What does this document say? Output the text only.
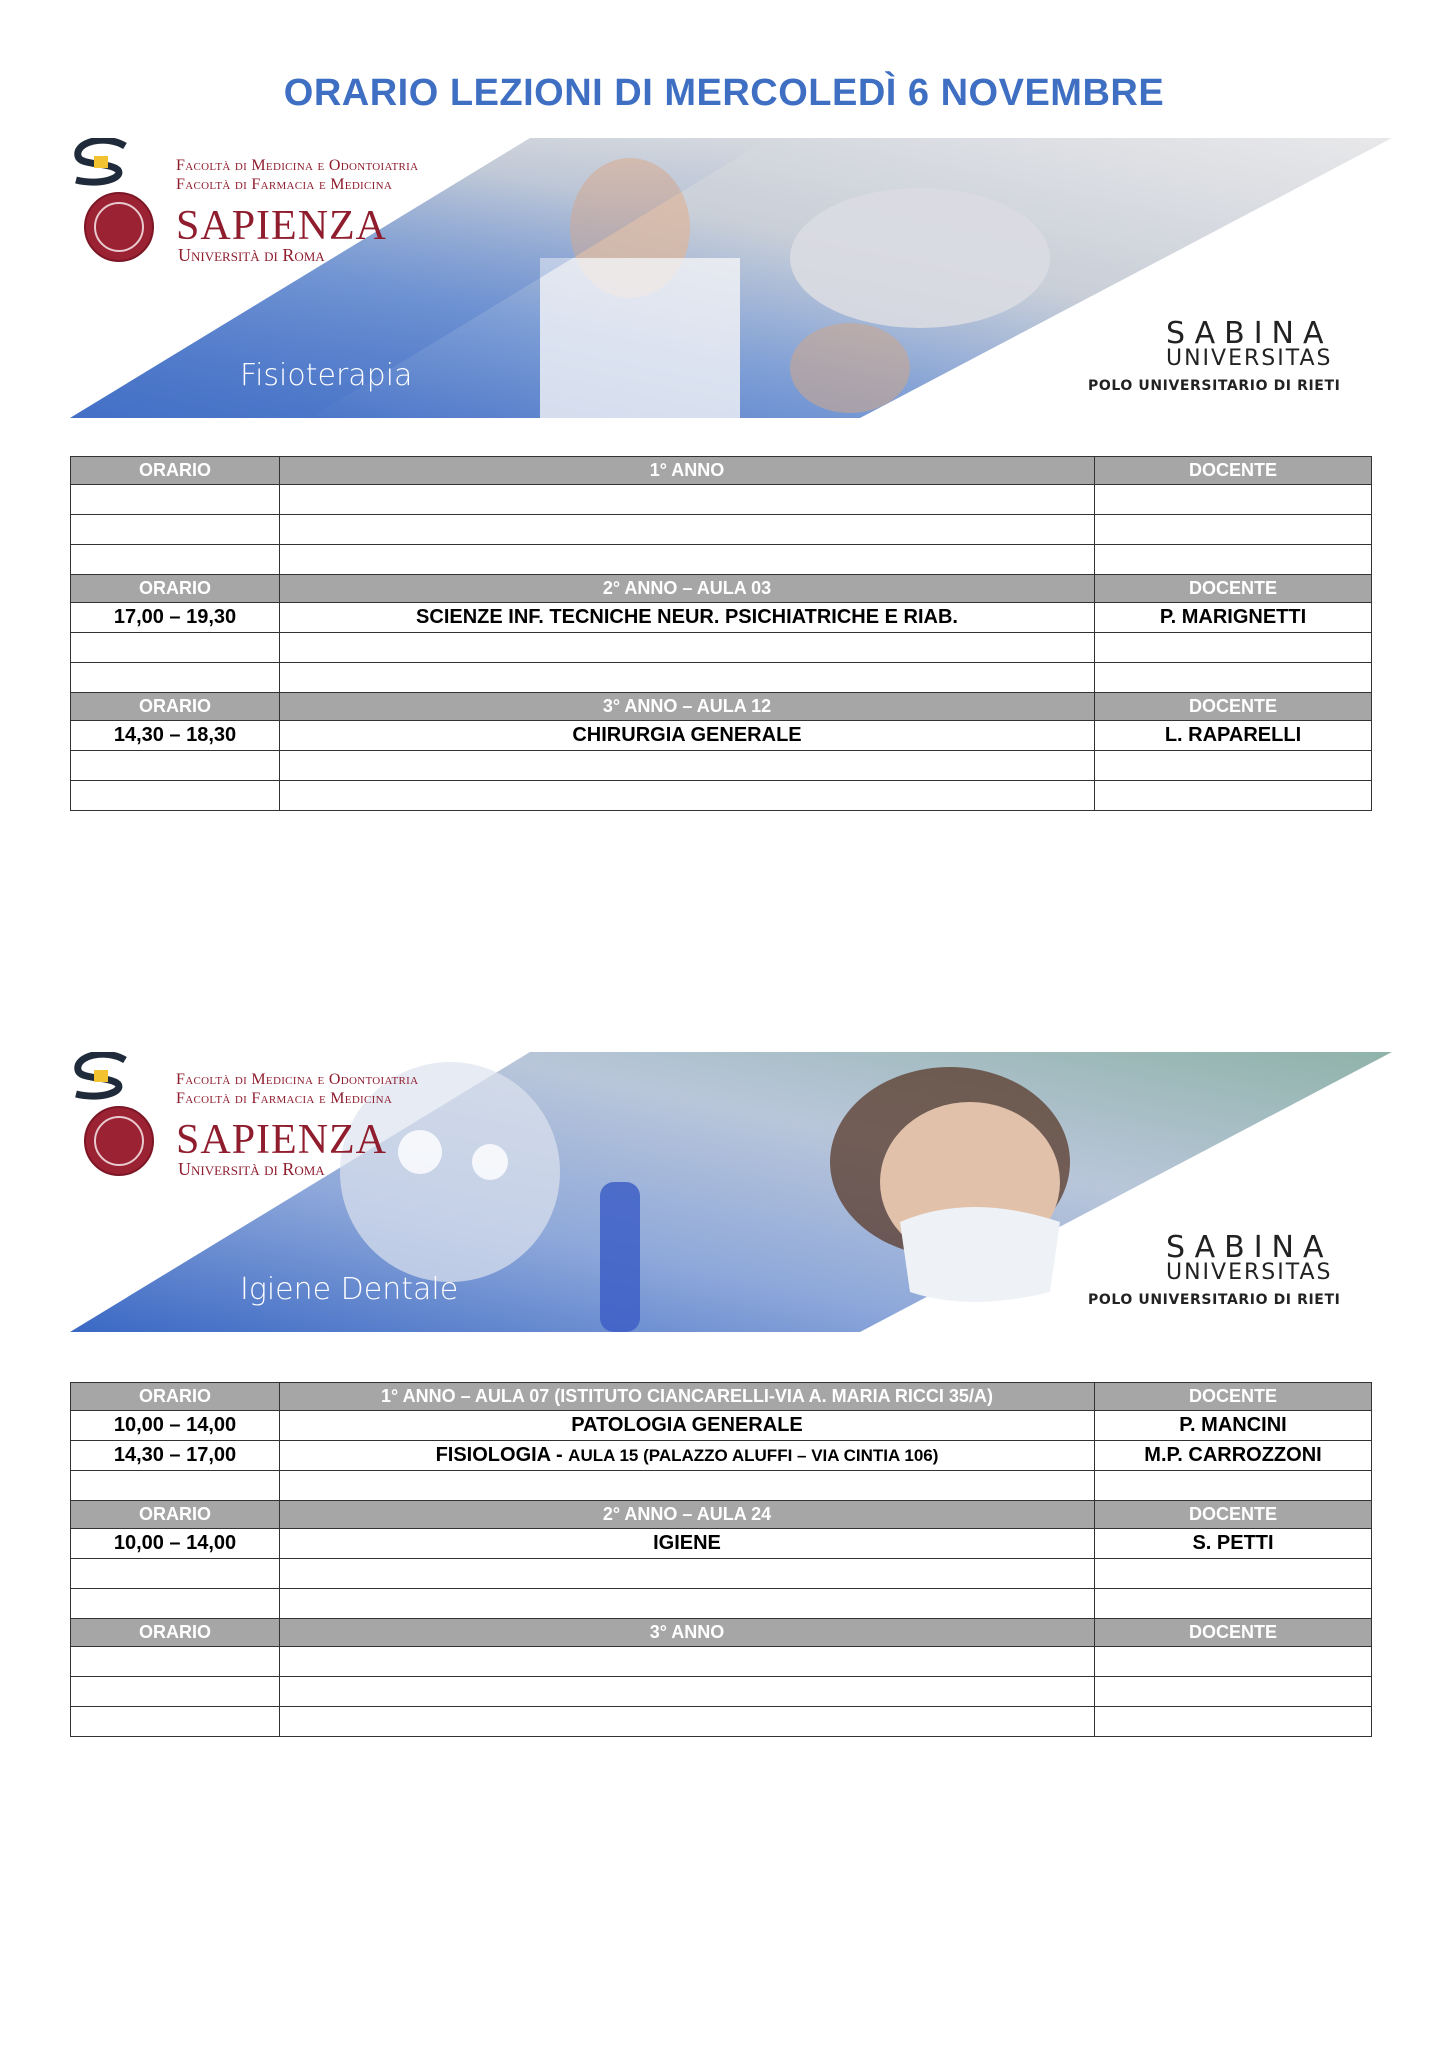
ORARIO LEZIONI DI MERCOLEDÌ 6 NOVEMBRE
Facoltà di Medicina e Odontoiatria
Facoltà di Farmacia e Medicina
SAPIENZA
Università di Roma
Fisioterapia
SABINA
UNIVERSITAS
POLO UNIVERSITARIO DI RIETI
ORARIO	1° ANNO	DOCENTE

ORARIO	2° ANNO – AULA 03	DOCENTE
17,00 – 19,30	SCIENZE INF. TECNICHE NEUR. PSICHIATRICHE E RIAB.	P. MARIGNETTI

ORARIO	3° ANNO – AULA 12	DOCENTE
14,30 – 18,30	CHIRURGIA GENERALE	L. RAPARELLI

Facoltà di Medicina e Odontoiatria
Facoltà di Farmacia e Medicina
SAPIENZA
Università di Roma
Igiene Dentale
SABINA
UNIVERSITAS
POLO UNIVERSITARIO DI RIETI
ORARIO	1° ANNO – AULA 07 (ISTITUTO CIANCARELLI-VIA A. MARIA RICCI 35/A)	DOCENTE
10,00 – 14,00	PATOLOGIA GENERALE	P. MANCINI
14,30 – 17,00	FISIOLOGIA - AULA 15 (PALAZZO ALUFFI – VIA CINTIA 106)	M.P. CARROZZONI

ORARIO	2° ANNO – AULA 24	DOCENTE
10,00 – 14,00	IGIENE	S. PETTI

ORARIO	3° ANNO	DOCENTE
